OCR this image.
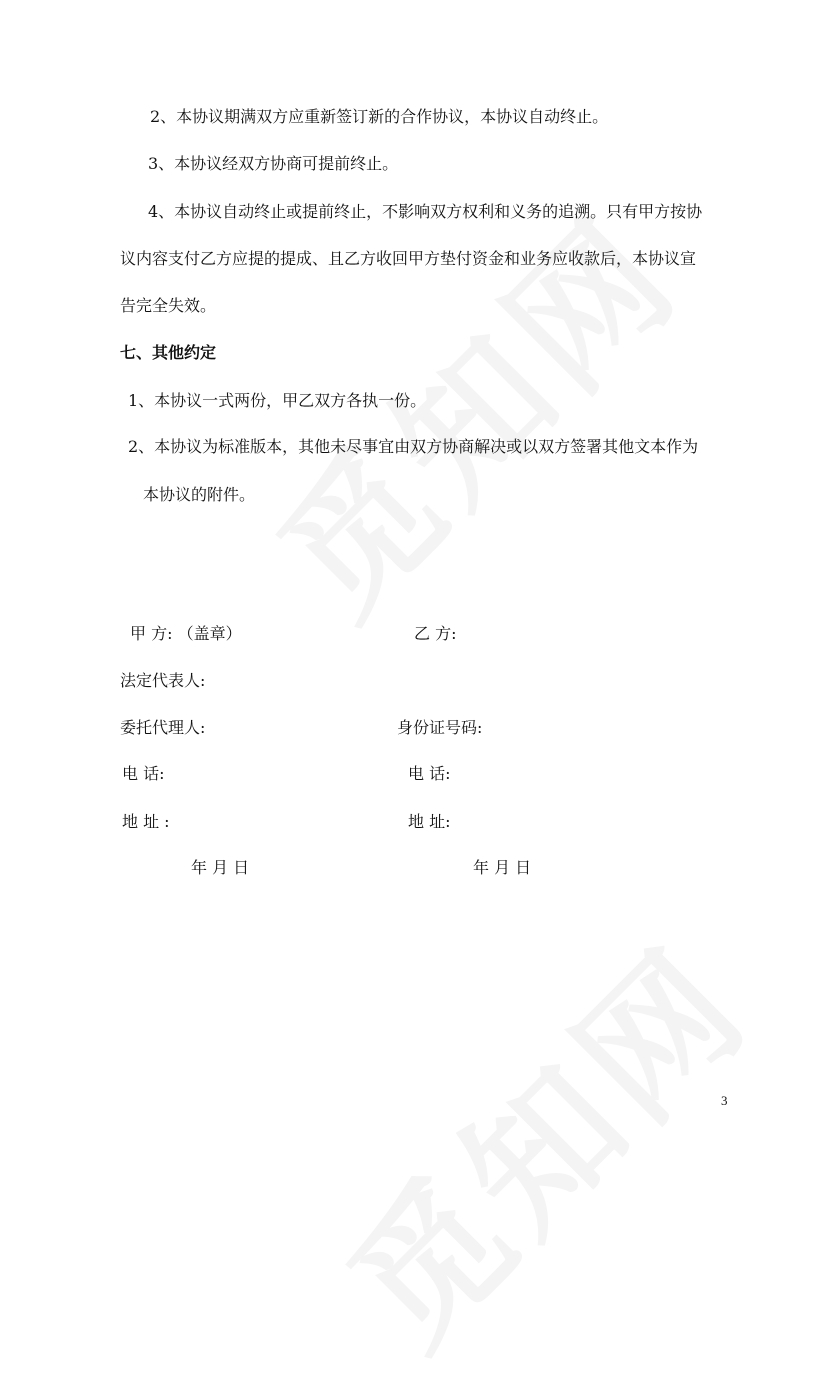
2、本协议期满双方应重新签订新的合作协议，本协议自动终止。
3、本协议经双方协商可提前终止。
4、本协议自动终止或提前终止，不影响双方权利和义务的追溯。只有甲方按协
议内容支付乙方应提的提成、且乙方收回甲方垫付资金和业务应收款后，本协议宣
告完全失效。
七、其他约定
1、本协议一式两份，甲乙双方各执一份。
2、本协议为标准版本，其他未尽事宜由双方协商解决或以双方签署其他文本作为
本协议的附件。
甲 方: （盖章）	乙 方:
法定代表人:
委托代理人:	身份证号码:
电 话:	电 话:
地 址 :	地 址:
年 月 日	年 月 日
3
